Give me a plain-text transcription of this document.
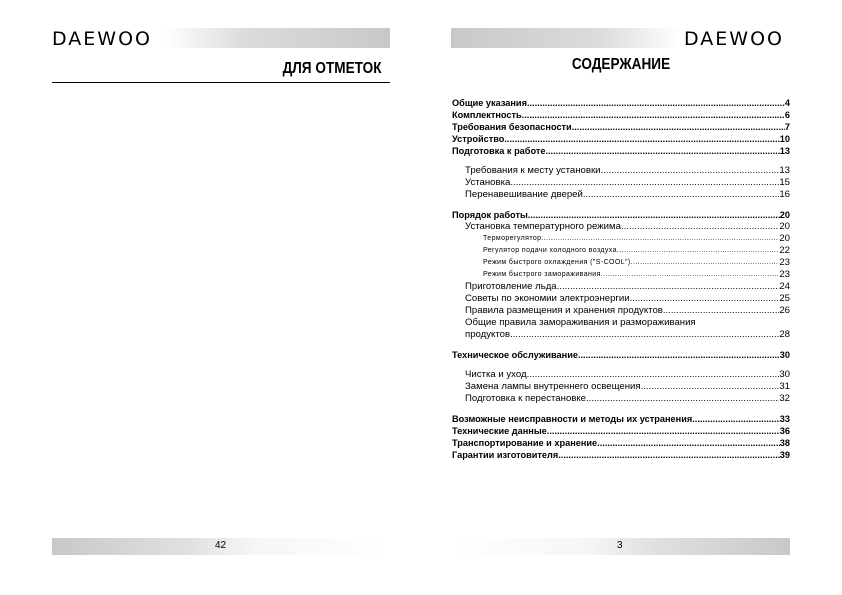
DAEWOO
ДЛЯ ОТМЕТОК
42
DAEWOO
СОДЕРЖАНИЕ
Общие указания .....	4
Комплектность .....	6
Требования безопасности .....	7
Устройство .....	10
Подготовка к работе .....	13
Требования к месту установки .....	13
Установка .....	15
Перенавешивание дверей .....	16
Порядок работы .....	20
Установка температурного режима .....	20
Терморегулятор .....	20
Регулятор подачи холодного воздуха .....	22
Режим быстрого охлаждения ("S-COOL") .....	23
Режим быстрого замораживания .....	23
Приготовление льда .....	24
Советы по экономии электроэнергии .....	25
Правила размещения и хранения продуктов .....	26
Общие правила замораживания и размораживания
продуктов .....	28
Техническое обслуживание .....	30
Чистка и уход .....	30
Замена лампы внутреннего освещения .....	31
Подготовка к перестановке .....	32
Возможные неисправности и методы их устранения .....	33
Технические данные .....	36
Транспортирование и хранение .....	38
Гарантии изготовителя .....	39
3
